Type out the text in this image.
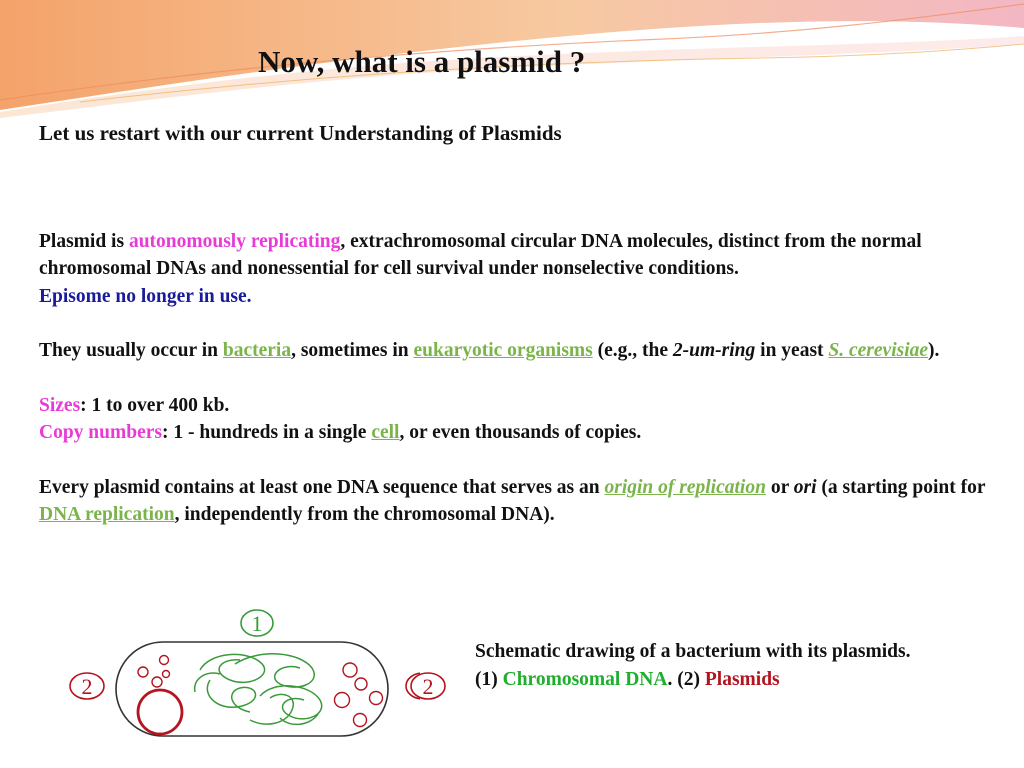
Now, what is a plasmid ?
Let us restart with our current Understanding of Plasmids

Plasmid is autonomously replicating, extrachromosomal circular DNA molecules, distinct from the normal chromosomal DNAs and nonessential for cell survival under nonselective conditions.

Episome no longer in use.

They usually occur in bacteria, sometimes in eukaryotic organisms (e.g., the 2-um-ring in yeast S. cerevisiae).

Sizes: 1 to over 400 kb.

Copy numbers: 1 - hundreds in a single cell, or even thousands of copies.

Every plasmid contains at least one DNA sequence that serves as an origin of replication or ori (a starting point for DNA replication, independently from the chromosomal DNA).

1
2	2
Schematic drawing of a bacterium with its plasmids.
(1) Chromosomal DNA. (2) Plasmids
